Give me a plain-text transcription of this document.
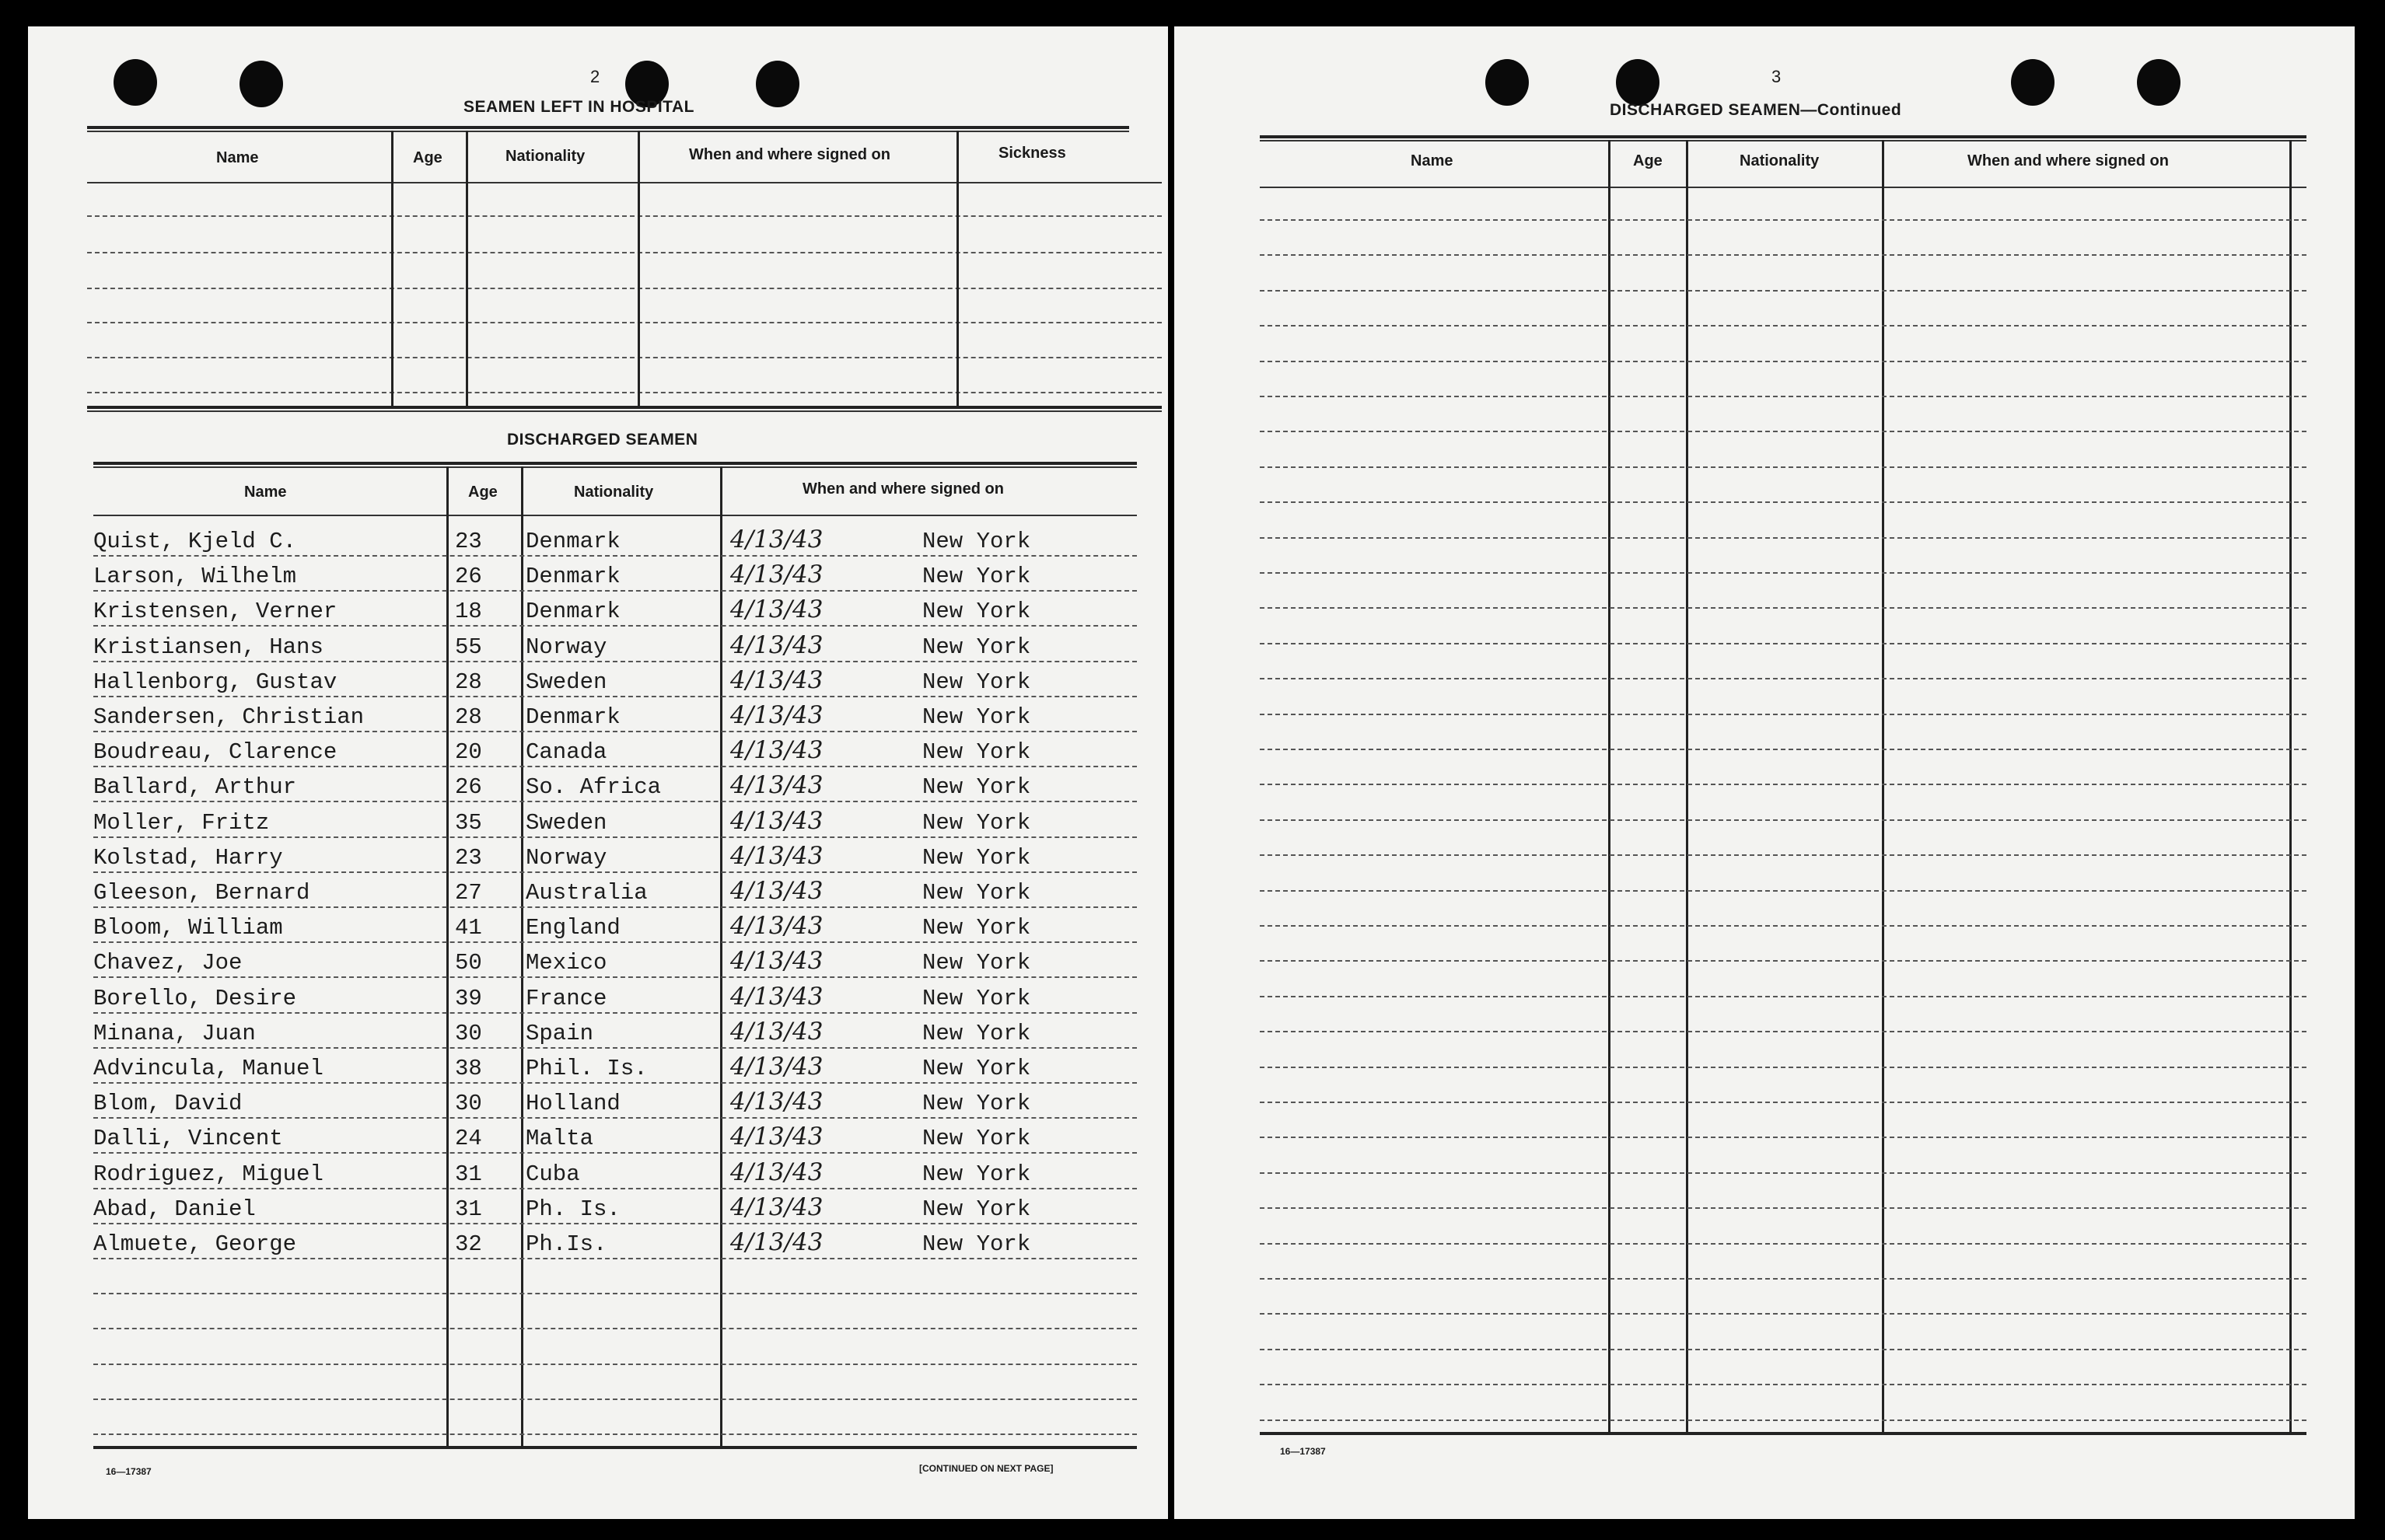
2
SEAMEN LEFT IN HOSPITAL
Name	Age	Nationality	When and where signed on	Sickness
DISCHARGED SEAMEN
Name	Age	Nationality	When and where signed on
Quist, Kjeld C.	23 Denmark	4/13/43	New York
Larson, Wilhelm	26 Denmark	4/13/43	New York
Kristensen, Verner	18 Denmark	4/13/43	New York
Kristiansen, Hans	55 Norway	4/13/43	New York
Hallenborg, Gustav	28 Sweden	4/13/43	New York
Sandersen, Christian	28 Denmark	4/13/43	New York
Boudreau, Clarence	20 Canada	4/13/43	New York
Ballard, Arthur	26 So. Africa	4/13/43	New York
Moller, Fritz	35 Sweden	4/13/43	New York
Kolstad, Harry	23 Norway	4/13/43	New York
Gleeson, Bernard	27 Australia	4/13/43	New York
Bloom, William	41 England	4/13/43	New York
Chavez, Joe	50 Mexico	4/13/43	New York
Borello, Desire	39 France	4/13/43	New York
Minana, Juan	30 Spain	4/13/43	New York
Advincula, Manuel	38 Phil. Is.	4/13/43	New York
Blom, David	30 Holland	4/13/43	New York
Dalli, Vincent	24 Malta	4/13/43	New York
Rodriguez, Miguel	31 Cuba	4/13/43	New York
Abad, Daniel	31 Ph. Is.	4/13/43	New York
Almuete, George	32 Ph.Is.	4/13/43	New York
16—17387	[CONTINUED ON NEXT PAGE]
3
DISCHARGED SEAMEN—Continued
Name	Age	Nationality	When and where signed on
16—17387
